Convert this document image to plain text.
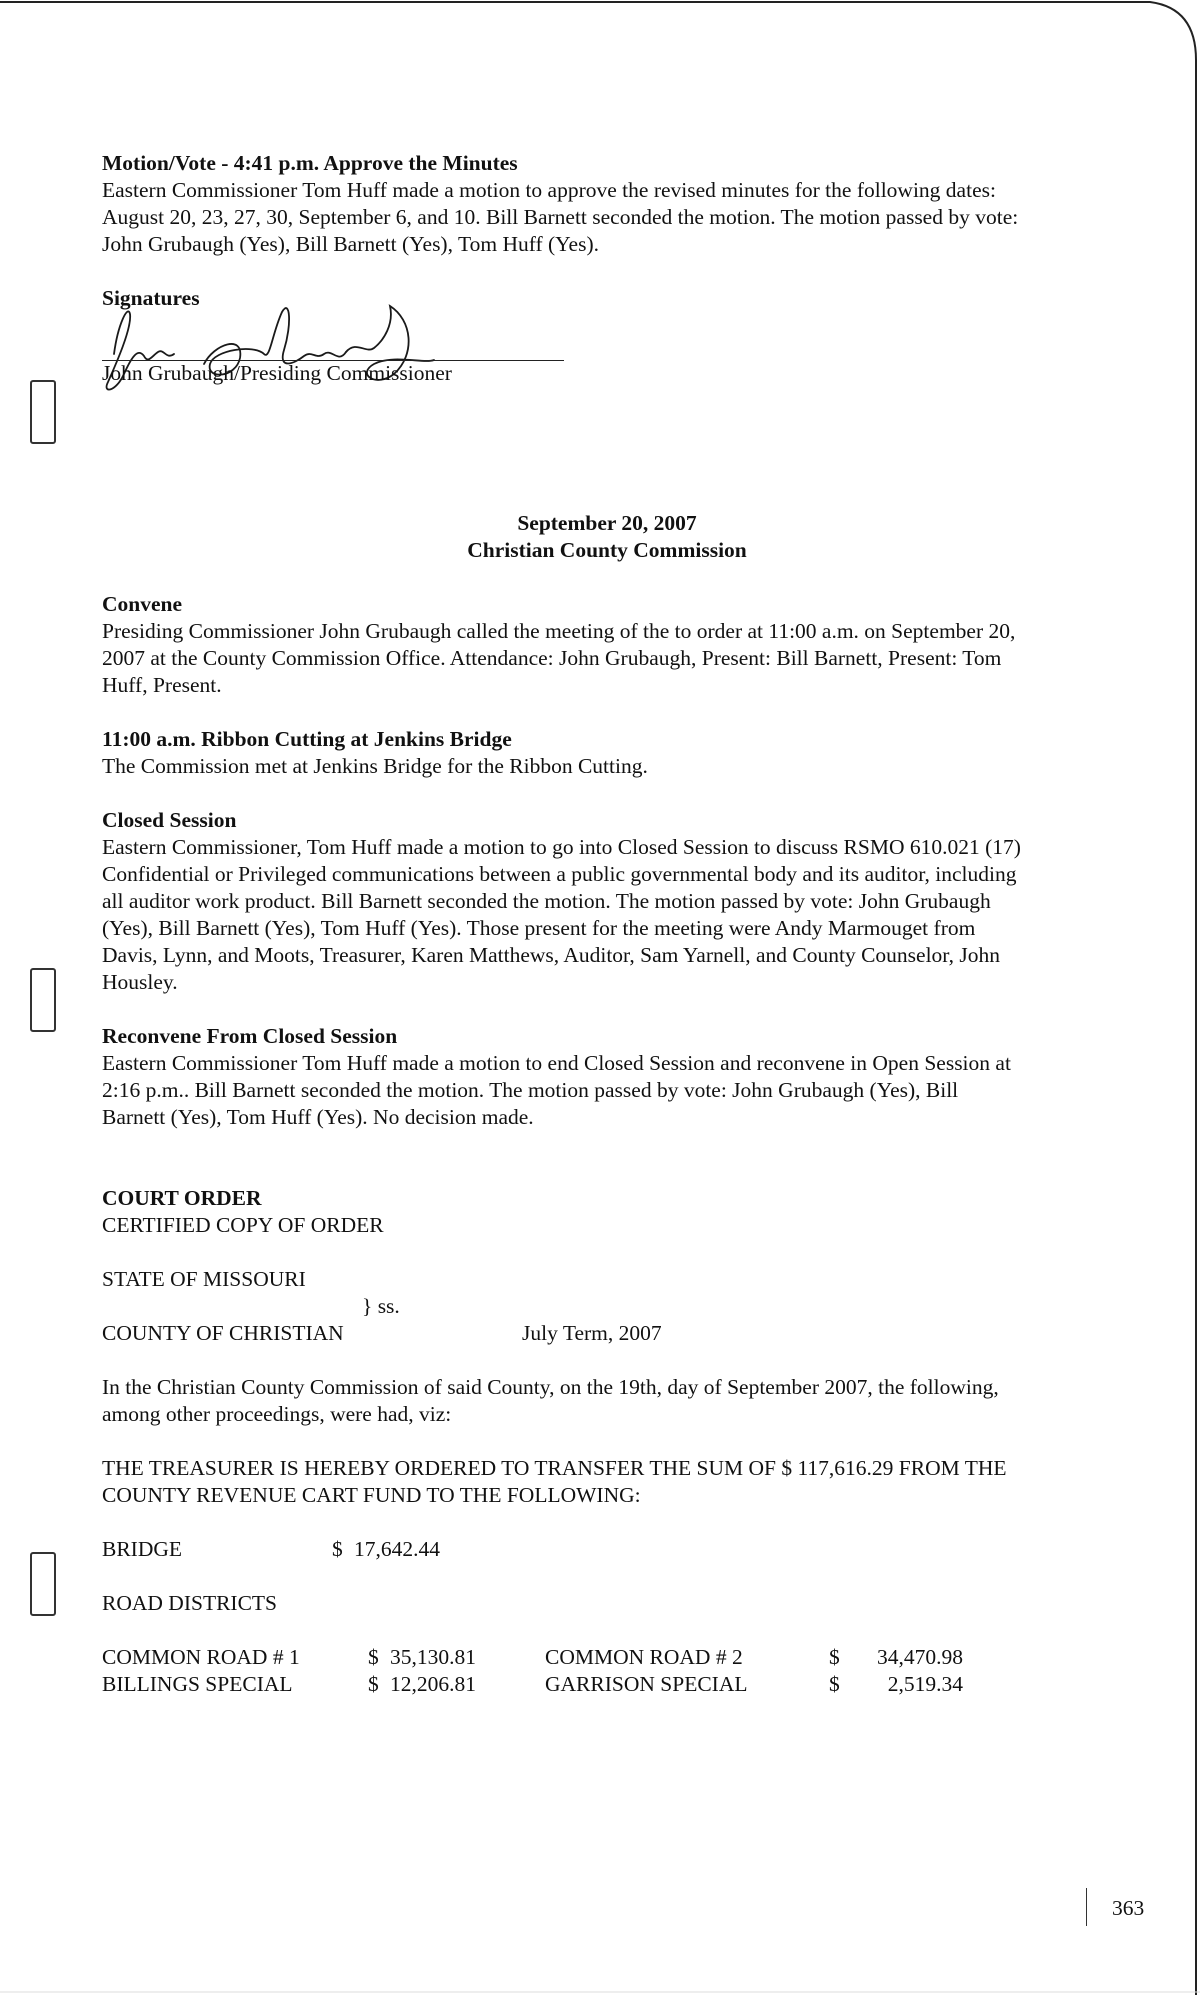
Motion/Vote - 4:41 p.m. Approve the Minutes

Eastern Commissioner Tom Huff made a motion to approve the revised minutes for the following dates:

August 20, 23, 27, 30, September 6, and 10. Bill Barnett seconded the motion. The motion passed by vote:

John Grubaugh (Yes), Bill Barnett (Yes), Tom Huff (Yes).

Signatures

John Grubaugh/Presiding Commissioner

September 20, 2007

Christian County Commission

Convene

Presiding Commissioner John Grubaugh called the meeting of the to order at 11:00 a.m. on September 20,

2007 at the County Commission Office. Attendance: John Grubaugh, Present: Bill Barnett, Present: Tom

Huff, Present.

11:00 a.m. Ribbon Cutting at Jenkins Bridge

The Commission met at Jenkins Bridge for the Ribbon Cutting.

Closed Session

Eastern Commissioner, Tom Huff made a motion to go into Closed Session to discuss RSMO 610.021 (17)

Confidential or Privileged communications between a public governmental body and its auditor, including

all auditor work product. Bill Barnett seconded the motion. The motion passed by vote: John Grubaugh

(Yes), Bill Barnett (Yes), Tom Huff (Yes). Those present for the meeting were Andy Marmouget from

Davis, Lynn, and Moots, Treasurer, Karen Matthews, Auditor, Sam Yarnell, and County Counselor, John

Housley.

Reconvene From Closed Session

Eastern Commissioner Tom Huff made a motion to end Closed Session and reconvene in Open Session at

2:16 p.m.. Bill Barnett seconded the motion. The motion passed by vote: John Grubaugh (Yes), Bill

Barnett (Yes), Tom Huff (Yes). No decision made.

COURT ORDER

CERTIFIED COPY OF ORDER

STATE OF MISSOURI

} ss.

COUNTY OF CHRISTIAN	July Term, 2007

In the Christian County Commission of said County, on the 19th, day of September 2007, the following,

among other proceedings, were had, viz:

THE TREASURER IS HEREBY ORDERED TO TRANSFER THE SUM OF $ 117,616.29 FROM THE

COUNTY REVENUE CART FUND TO THE FOLLOWING:

BRIDGE	$ 17,642.44

ROAD DISTRICTS

COMMON ROAD # 1	$ 35,130.81	COMMON ROAD # 2	$	34,470.98
BILLINGS SPECIAL	$ 12,206.81	GARRISON SPECIAL	$	2,519.34
363
